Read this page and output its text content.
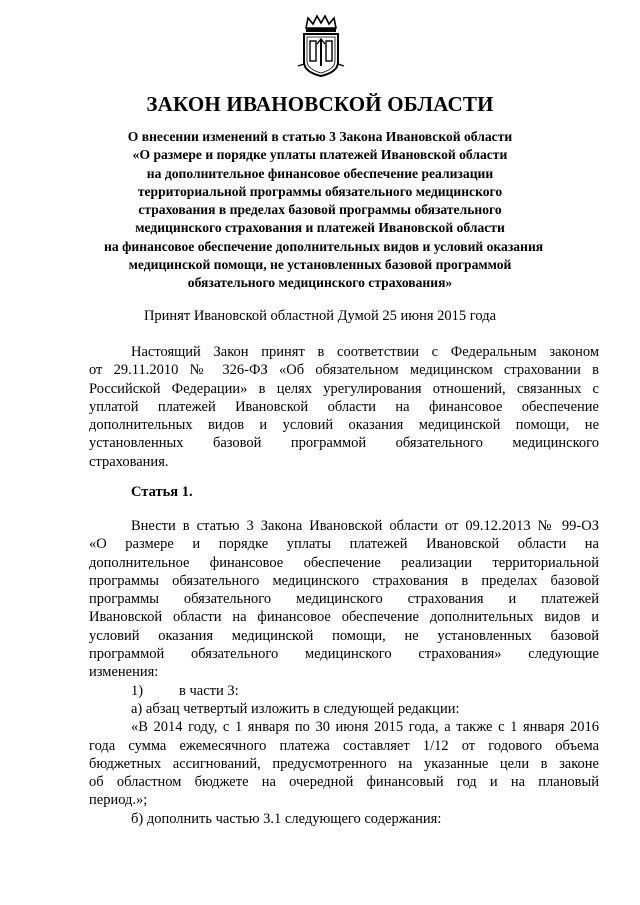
ЗАКОН ИВАНОВСКОЙ ОБЛАСТИ
О внесении изменений в статью 3 Закона Ивановской области
«О размере и порядке уплаты платежей Ивановской области
на дополнительное финансовое обеспечение реализации
территориальной программы обязательного медицинского
страхования в пределах базовой программы обязательного
медицинского страхования и платежей Ивановской области
на финансовое обеспечение дополнительных видов и условий оказания
медицинской помощи, не установленных базовой программой
обязательного медицинского страхования»
Принят Ивановской областной Думой 25 июня 2015 года
Настоящий Закон принят в соответствии с Федеральным законом
от 29.11.2010 № 326-ФЗ «Об обязательном медицинском страховании в
Российской Федерации» в целях урегулирования отношений, связанных с
уплатой платежей Ивановской области на финансовое обеспечение
дополнительных видов и условий оказания медицинской помощи, не
установленных базовой программой обязательного медицинского
страхования.
Статья 1.
Внести в статью 3 Закона Ивановской области от 09.12.2013 № 99-ОЗ
«О размере и порядке уплаты платежей Ивановской области на
дополнительное финансовое обеспечение реализации территориальной
программы обязательного медицинского страхования в пределах базовой
программы обязательного медицинского страхования и платежей
Ивановской области на финансовое обеспечение дополнительных видов и
условий оказания медицинской помощи, не установленных базовой
программой обязательного медицинского страхования» следующие
изменения:
1) в части 3:
а) абзац четвертый изложить в следующей редакции:
«В 2014 году, с 1 января по 30 июня 2015 года, а также с 1 января 2016
года сумма ежемесячного платежа составляет 1/12 от годового объема
бюджетных ассигнований, предусмотренного на указанные цели в законе
об областном бюджете на очередной финансовый год и на плановый
период.»;
б) дополнить частью 3.1 следующего содержания:
